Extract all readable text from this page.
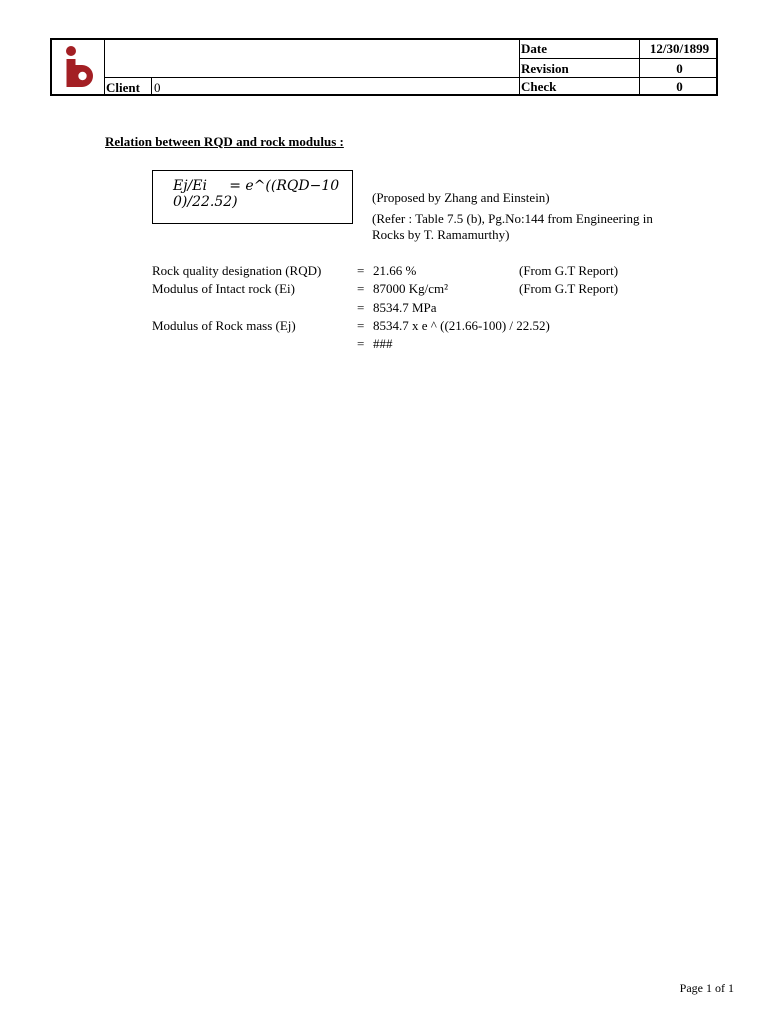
Date	12/30/1899
Revision	0
Client 0	Check	0
Relation between RQD and rock modulus :
Ej/Ei     = e^((RQD−100)/22.52)	(Proposed by Zhang and Einstein)
(Refer : Table 7.5 (b), Pg.No:144 from Engineering in
Rocks by T. Ramamurthy)
Rock quality designation (RQD)	= 21.66 %	(From G.T Report)
Modulus of Intact rock (Ei)	= 87000 Kg/cm²	(From G.T Report)
= 8534.7 MPa
Modulus of Rock mass (Ej)	= 8534.7 x e ^ ((21.66-100) / 22.52)
= ###
Page 1 of 1
